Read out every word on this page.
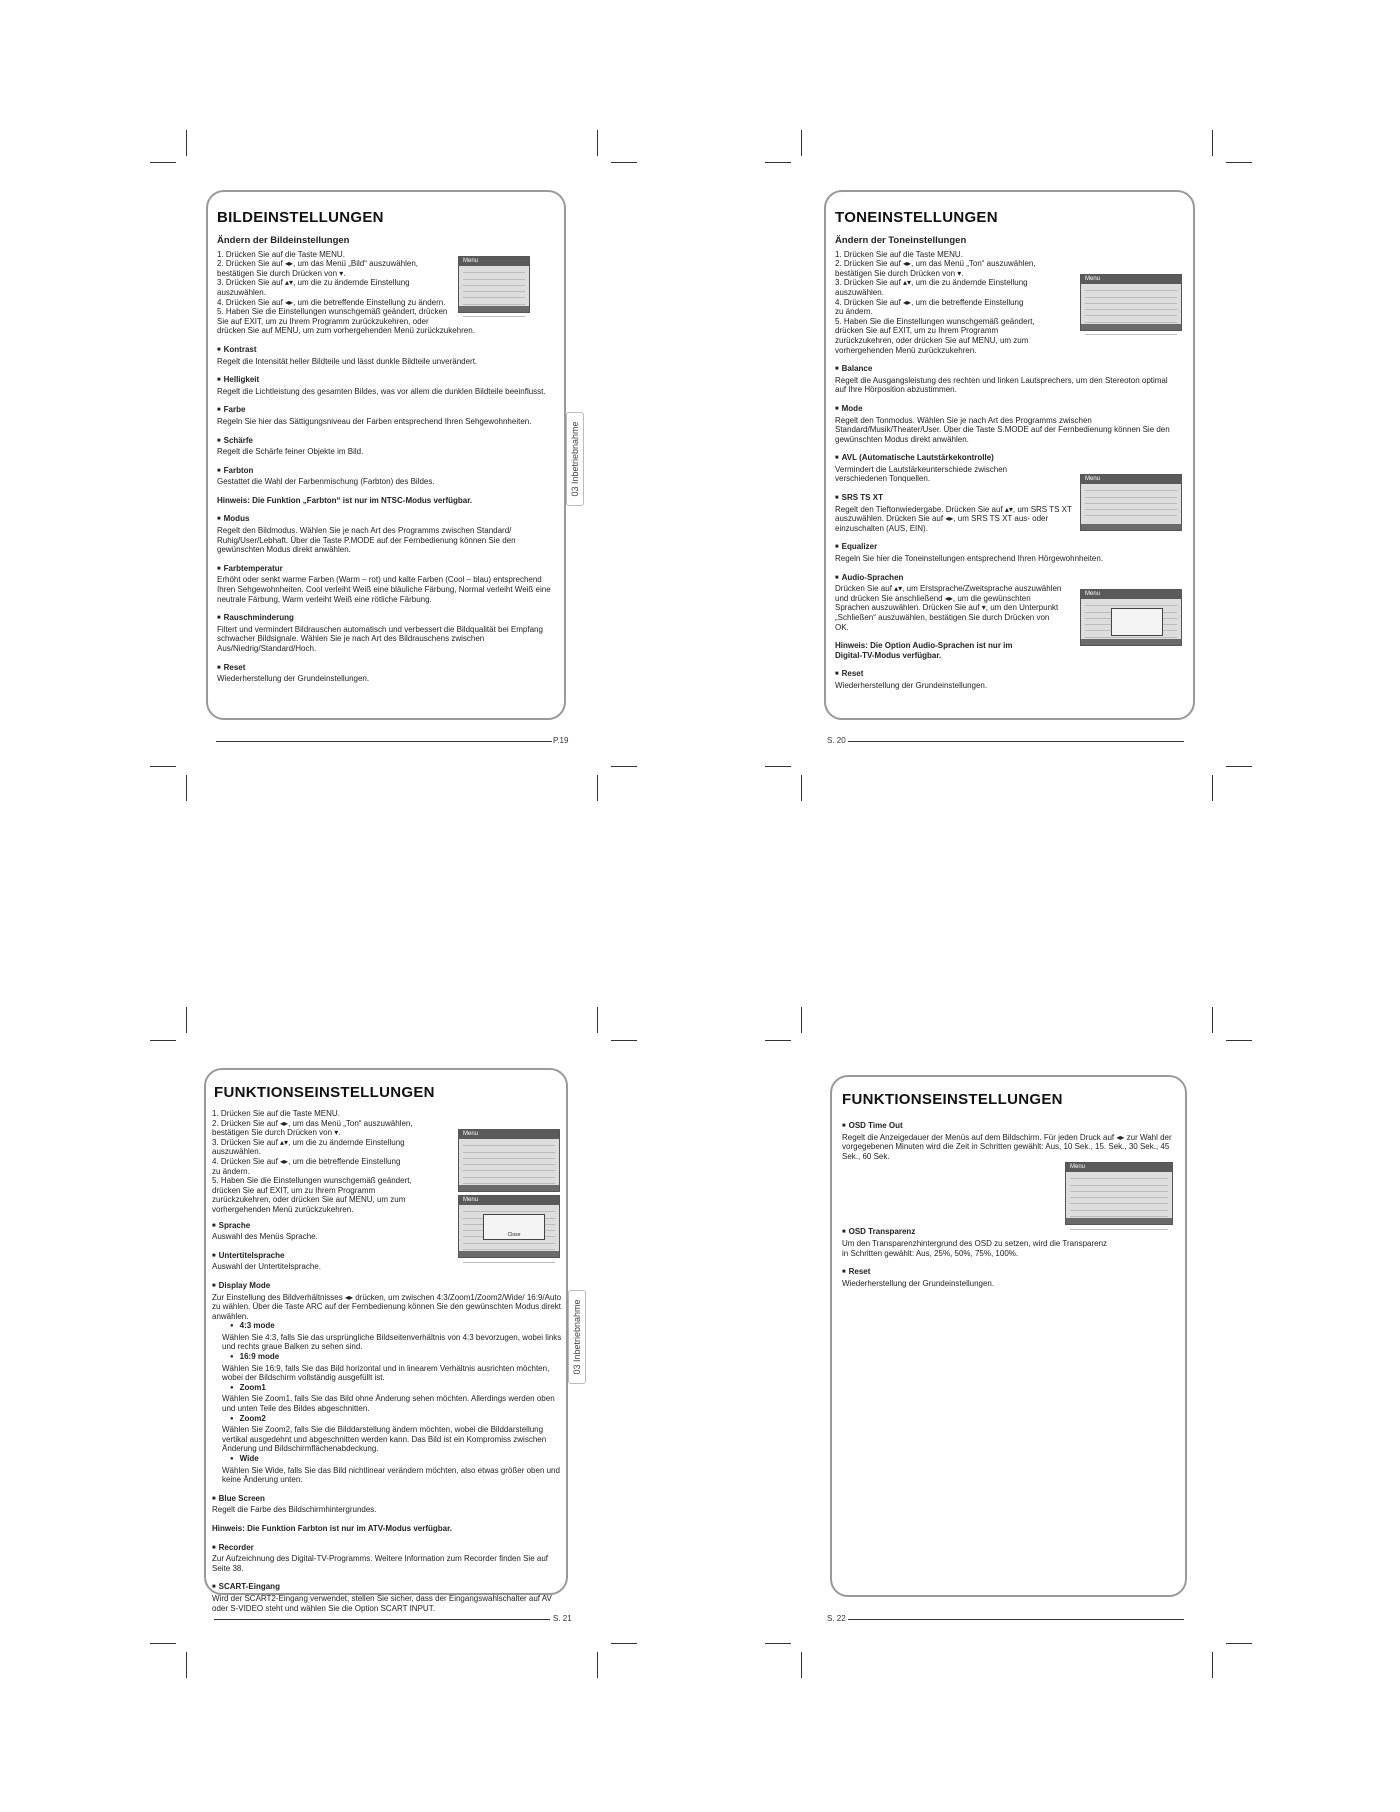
BILDEINSTELLUNGEN
Ändern der Bildeinstellungen
1. Drücken Sie auf die Taste MENU.
2. Drücken Sie auf ◂▸, um das Menü „Bild“ auszuwählen,
bestätigen Sie durch Drücken von ▾.
3. Drücken Sie auf ▴▾, um die zu ändernde Einstellung
auszuwählen.
4. Drücken Sie auf ◂▸, um die betreffende Einstellung zu ändern.
5. Haben Sie die Einstellungen wunschgemäß geändert, drücken
Sie auf EXIT, um zu Ihrem Programm zurückzukehren, oder
drücken Sie auf MENU, um zum vorhergehenden Menü zurückzukehren.
■ Kontrast
Regelt die Intensität heller Bildteile und lässt dunkle Bildteile unverändert.
■ Helligkeit
Regelt die Lichtleistung des gesamten Bildes, was vor allem die dunklen Bildteile beeinflusst.
■ Farbe
Regeln Sie hier das Sättigungsniveau der Farben entsprechend Ihren Sehgewohnheiten.
■ Schärfe
Regelt die Schärfe feiner Objekte im Bild.
■ Farbton
Gestattet die Wahl der Farbenmischung (Farbton) des Bildes.
Hinweis: Die Funktion „Farbton“ ist nur im NTSC-Modus verfügbar.
■ Modus
Regelt den Bildmodus. Wählen Sie je nach Art des Programms zwischen Standard/ Ruhig/User/Lebhaft. Über die Taste P.MODE auf der Fernbedienung können Sie den gewünschten Modus direkt anwählen.
■ Farbtemperatur
Erhöht oder senkt warme Farben (Warm – rot) und kalte Farben (Cool – blau) entsprechend Ihren Sehgewohnheiten. Cool verleiht Weiß eine bläuliche Färbung, Normal verleiht Weiß eine neutrale Färbung, Warm verleiht Weiß eine rötliche Färbung.
■ Rauschminderung
Filtert und vermindert Bildrauschen automatisch und verbessert die Bildqualität bei Empfang schwacher Bildsignale. Wählen Sie je nach Art des Bildrauschens zwischen Aus/Niedrig/Standard/Hoch.
■ Reset
Wiederherstellung der Grundeinstellungen.
Menu
03 Inbetriebnahme
P.19
TONEINSTELLUNGEN
Ändern der Toneinstellungen
1. Drücken Sie auf die Taste MENU.
2. Drücken Sie auf ◂▸, um das Menü „Ton“ auszuwählen,
bestätigen Sie durch Drücken von ▾.
3. Drücken Sie auf ▴▾, um die zu ändernde Einstellung
auszuwählen.
4. Drücken Sie auf ◂▸, um die betreffende Einstellung
zu ändern.
5. Haben Sie die Einstellungen wunschgemäß geändert,
drücken Sie auf EXIT, um zu Ihrem Programm
zurückzukehren, oder drücken Sie auf MENU, um zum
vorhergehenden Menü zurückzukehren.
■ Balance
Regelt die Ausgangsleistung des rechten und linken Lautsprechers, um den Stereoton optimal auf Ihre Hörposition abzustimmen.
■ Mode
Regelt den Tonmodus. Wählen Sie je nach Art des Programms zwischen Standard/Musik/Theater/User. Über die Taste S.MODE auf der Fernbedienung können Sie den gewünschten Modus direkt anwählen.
■ AVL (Automatische Lautstärkekontrolle)
Vermindert die Lautstärkeunterschiede zwischen verschiedenen Tonquellen.
■ SRS TS XT
Regelt den Tieftonwiedergabe. Drücken Sie auf ▴▾, um SRS TS XT auszuwählen. Drücken Sie auf ◂▸, um SRS TS XT aus- oder einzuschalten (AUS, EIN).
■ Equalizer
Regeln Sie hier die Toneinstellungen entsprechend Ihren Hörgewohnheiten.
■ Audio-Sprachen
Drücken Sie auf ▴▾, um Erstsprache/Zweitsprache auszuwählen und drücken Sie anschließend ◂▸, um die gewünschten Sprachen auszuwählen. Drücken Sie auf ▾, um den Unterpunkt „Schließen“ auszuwählen, bestätigen Sie durch Drücken von OK.
Hinweis: Die Option Audio-Sprachen ist nur im Digital-TV-Modus verfügbar.
■ Reset
Wiederherstellung der Grundeinstellungen.
Menu
Menu
Menu
S. 20
FUNKTIONSEINSTELLUNGEN
1. Drücken Sie auf die Taste MENU.
2. Drücken Sie auf ◂▸, um das Menü „Ton“ auszuwählen,
bestätigen Sie durch Drücken von ▾.
3. Drücken Sie auf ▴▾, um die zu ändernde Einstellung
auszuwählen.
4. Drücken Sie auf ◂▸, um die betreffende Einstellung
zu ändern.
5. Haben Sie die Einstellungen wunschgemäß geändert,
drücken Sie auf EXIT, um zu Ihrem Programm
zurückzukehren, oder drücken Sie auf MENU, um zum
vorhergehenden Menü zurückzukehren.
■ Sprache
Auswahl des Menüs Sprache.
■ Untertitelsprache
Auswahl der Untertitelsprache.
■ Display Mode
Zur Einstellung des Bildverhältnisses ◂▸ drücken, um zwischen 4:3/Zoom1/Zoom2/Wide/ 16:9/Auto zu wählen. Über die Taste ARC auf der Fernbedienung können Sie den gewünschten Modus direkt anwählen.
● 4:3 mode
Wählen Sie 4:3, falls Sie das ursprüngliche Bildseitenverhältnis von 4:3 bevorzugen, wobei links und rechts graue Balken zu sehen sind.
● 16:9 mode
Wählen Sie 16:9, falls Sie das Bild horizontal und in linearem Verhältnis ausrichten möchten, wobei der Bildschirm vollständig ausgefüllt ist.
● Zoom1
Wählen Sie Zoom1, falls Sie das Bild ohne Änderung sehen möchten. Allerdings werden oben und unten Teile des Bildes abgeschnitten.
● Zoom2
Wählen Sie Zoom2, falls Sie die Bilddarstellung ändern möchten, wobei die Bilddarstellung vertikal ausgedehnt und abgeschnitten werden kann. Das Bild ist ein Kompromiss zwischen Änderung und Bildschirmflächenabdeckung.
● Wide
Wählen Sie Wide, falls Sie das Bild nichtlinear verändern möchten, also etwas größer oben und keine Änderung unten.
■ Blue Screen
Regelt die Farbe des Bildschirmhintergrundes.
Hinweis: Die Funktion Farbton ist nur im ATV-Modus verfügbar.
■ Recorder
Zur Aufzeichnung des Digital-TV-Programms. Weitere Information zum Recorder finden Sie auf Seite 38.
■ SCART-Eingang
Wird der SCART2-Eingang verwendet, stellen Sie sicher, dass der Eingangswahlschalter auf AV oder S-VIDEO steht und wählen Sie die Option SCART INPUT.
Menu
Menu
Close
03 Inbetriebnahme
S. 21
FUNKTIONSEINSTELLUNGEN
■ OSD Time Out
Regelt die Anzeigedauer der Menüs auf dem Bildschirm. Für jeden Druck auf ◂▸ zur Wahl der vorgegebenen Minuten wird die Zeit in Schritten gewählt: Aus, 10 Sek., 15. Sek., 30 Sek., 45 Sek., 60 Sek.
■ OSD Transparenz
Um den Transparenzhintergrund des OSD zu setzen, wird die Transparenz in Schritten gewählt: Aus, 25%, 50%, 75%, 100%.
■ Reset
Wiederherstellung der Grundeinstellungen.
Menu
S. 22
